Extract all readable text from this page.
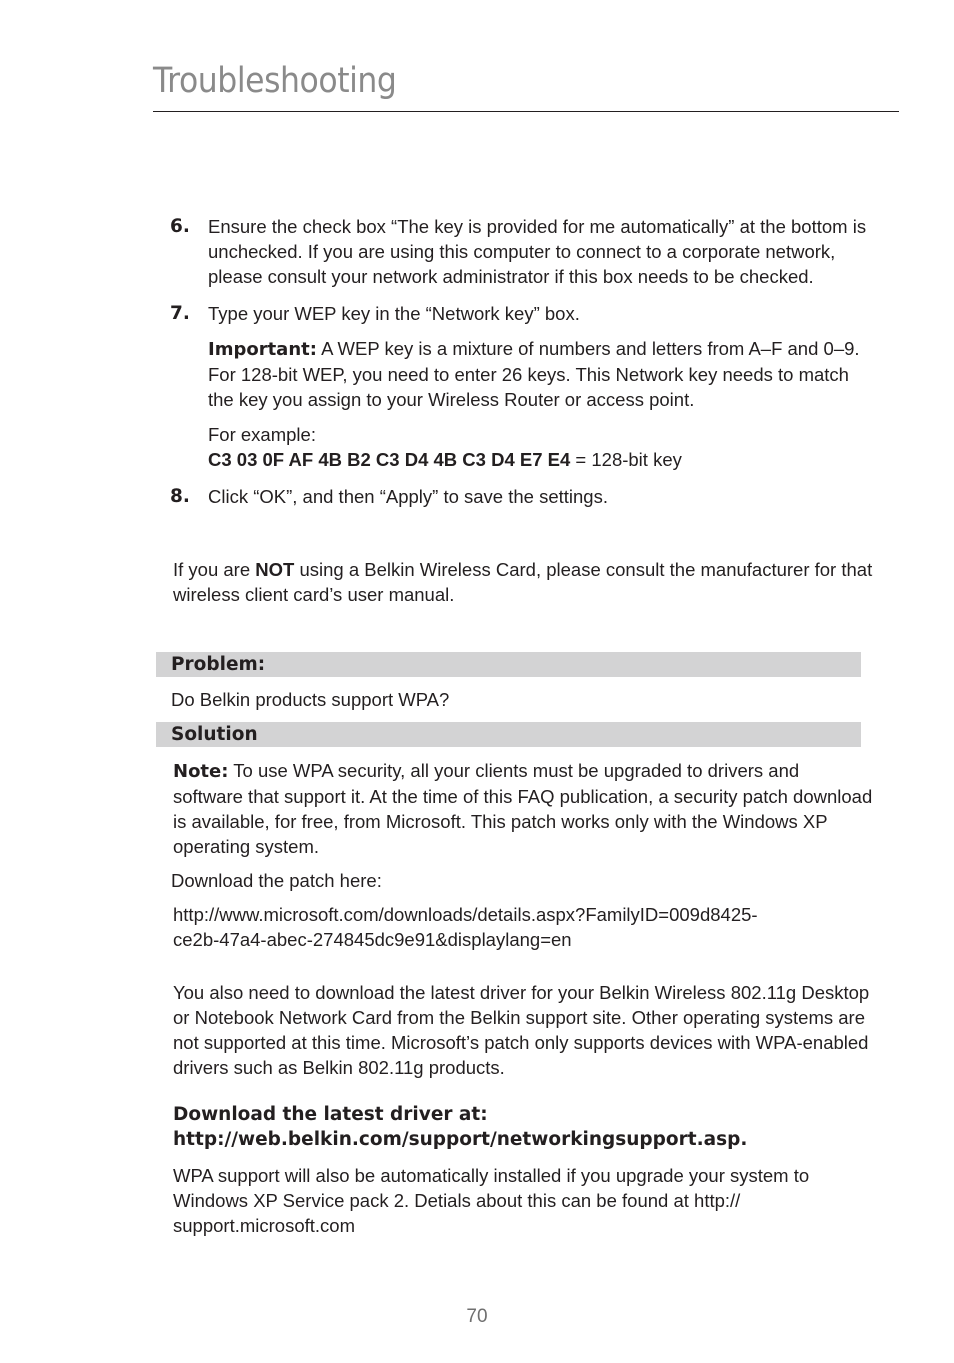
Troubleshooting
6. Ensure the check box “The key is provided for me automatically” at the bottom is unchecked. If you are using this computer to connect to a corporate network, please consult your network administrator if this box needs to be checked.
7. Type your WEP key in the “Network key” box.
Important: A WEP key is a mixture of numbers and letters from A–F and 0–9. For 128-bit WEP, you need to enter 26 keys. This Network key needs to match the key you assign to your Wireless Router or access point.
For example:
C3 03 0F AF 4B B2 C3 D4 4B C3 D4 E7 E4 = 128-bit key
8. Click “OK”, and then “Apply” to save the settings.
If you are NOT using a Belkin Wireless Card, please consult the manufacturer for that wireless client card’s user manual.
Problem:
Do Belkin products support WPA?
Solution
Note: To use WPA security, all your clients must be upgraded to drivers and software that support it. At the time of this FAQ publication, a security patch download is available, for free, from Microsoft. This patch works only with the Windows XP operating system.
Download the patch here:
http://www.microsoft.com/downloads/details.aspx?FamilyID=009d8425-
ce2b-47a4-abec-274845dc9e91&displaylang=en
You also need to download the latest driver for your Belkin Wireless 802.11g Desktop or Notebook Network Card from the Belkin support site. Other operating systems are not supported at this time. Microsoft’s patch only supports devices with WPA-enabled drivers such as Belkin 802.11g products.
Download the latest driver at:
http://web.belkin.com/support/networkingsupport.asp.
WPA support will also be automatically installed if you upgrade your system to Windows XP Service pack 2. Detials about this can be found at http:// support.microsoft.com
70
